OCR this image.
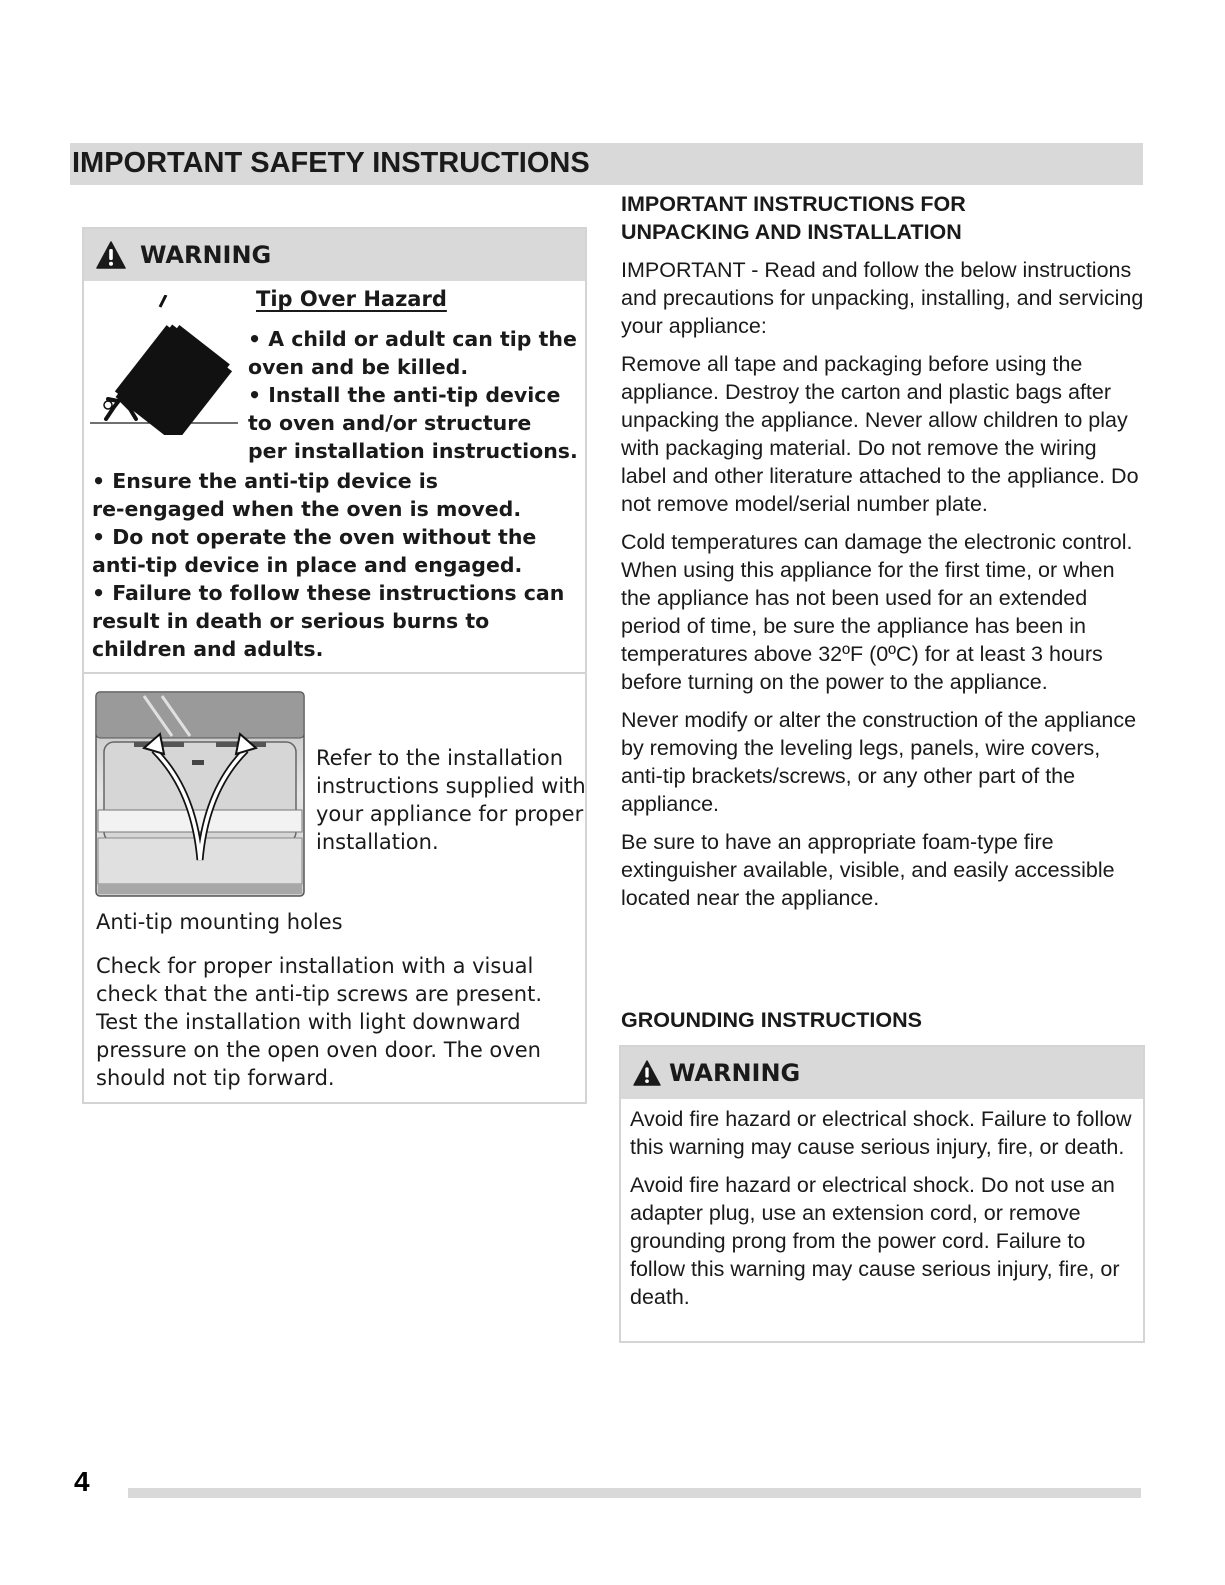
IMPORTANT SAFETY INSTRUCTIONS
WARNING
Tip Over Hazard

• A child or adult can tip the

oven and be killed.

• Install the anti-tip device

to oven and/or structure

per installation instructions.

• Ensure the anti-tip device is

re-engaged when the oven is moved.

• Do not operate the oven without the

anti-tip device in place and engaged.

• Failure to follow these instructions can

result in death or serious burns to

children and adults.

Refer to the installation instructions supplied with your appliance for proper installation.
Anti-tip mounting holes
Check for proper installation with a visual check that the anti-tip screws are present. Test the installation with light downward pressure on the open oven door. The oven should not tip forward.
IMPORTANT INSTRUCTIONS FOR
UNPACKING AND INSTALLATION

IMPORTANT - Read and follow the below instructions and precautions for unpacking, installing, and servicing your appliance:

Remove all tape and packaging before using the appliance. Destroy the carton and plastic bags after unpacking the appliance. Never allow children to play with packaging material. Do not remove the wiring label and other literature attached to the appliance. Do not remove model/serial number plate.

Cold temperatures can damage the electronic control. When using this appliance for the first time, or when the appliance has not been used for an extended period of time, be sure the appliance has been in temperatures above 32ºF (0ºC) for at least 3 hours before turning on the power to the appliance.

Never modify or alter the construction of the appliance by removing the leveling legs, panels, wire covers, anti-tip brackets/screws, or any other part of the appliance.

Be sure to have an appropriate foam-type fire extinguisher available, visible, and easily accessible located near the appliance.

GROUNDING INSTRUCTIONS
WARNING

Avoid fire hazard or electrical shock. Failure to follow this warning may cause serious injury, fire, or death.

Avoid fire hazard or electrical shock. Do not use an adapter plug, use an extension cord, or remove grounding prong from the power cord. Failure to follow this warning may cause serious injury, fire, or death.

4
